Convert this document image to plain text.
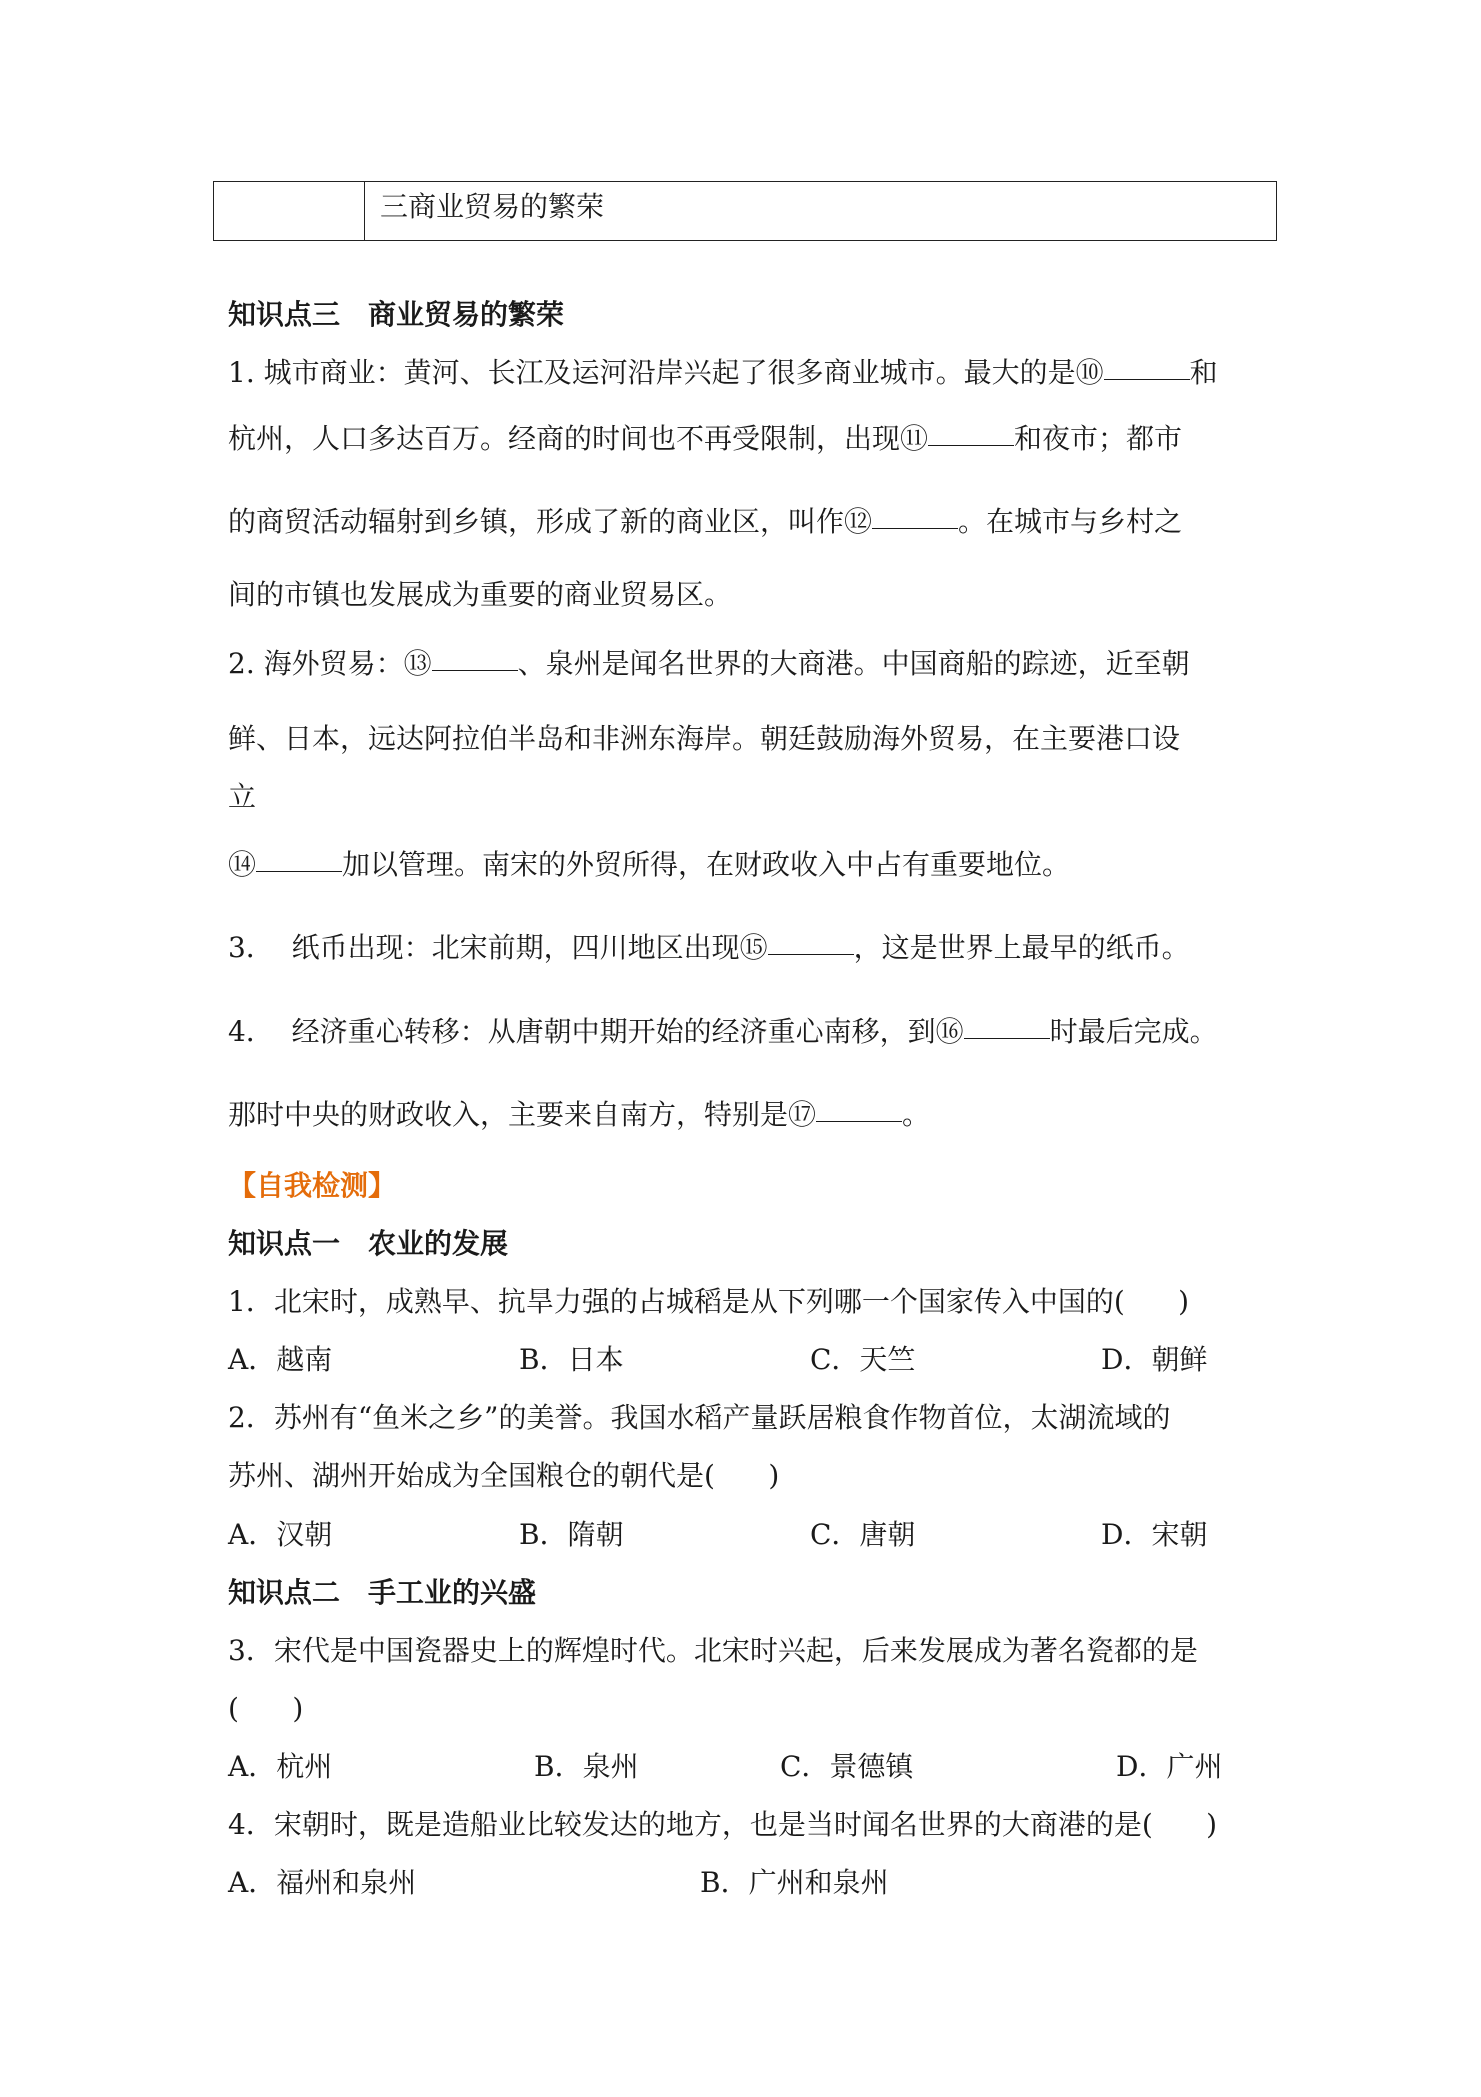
三商业贸易的繁荣
知识点三　商业贸易的繁荣
1. 城市商业：黄河、长江及运河沿岸兴起了很多商业城市。最大的是⑩	和
杭州，人口多达百万。经商的时间也不再受限制，出现⑪	和夜市；都市
的商贸活动辐射到乡镇，形成了新的商业区，叫作⑫	。在城市与乡村之
间的市镇也发展成为重要的商业贸易区。
2. 海外贸易：⑬	、泉州是闻名世界的大商港。中国商船的踪迹，近至朝
鲜、日本，远达阿拉伯半岛和非洲东海岸。朝廷鼓励海外贸易，在主要港口设
立
⑭	加以管理。南宋的外贸所得，在财政收入中占有重要地位。
3．  纸币出现：北宋前期，四川地区出现⑮	，这是世界上最早的纸币。
4．  经济重心转移：从唐朝中期开始的经济重心南移，到⑯	时最后完成。
那时中央的财政收入，主要来自南方，特别是⑰	。
【自我检测】
知识点一　农业的发展
1．北宋时，成熟早、抗旱力强的占城稻是从下列哪一个国家传入中国的(      )
A．越南	B．日本	C．天竺	D．朝鲜
2．苏州有“鱼米之乡”的美誉。我国水稻产量跃居粮食作物首位，太湖流域的
苏州、湖州开始成为全国粮仓的朝代是(      )
A．汉朝	B．隋朝	C．唐朝	D．宋朝
知识点二　手工业的兴盛
3．宋代是中国瓷器史上的辉煌时代。北宋时兴起，后来发展成为著名瓷都的是
(      )
A．杭州	B．泉州	C．景德镇	D．广州
4．宋朝时，既是造船业比较发达的地方，也是当时闻名世界的大商港的是(      )
A．福州和泉州	B．广州和泉州
